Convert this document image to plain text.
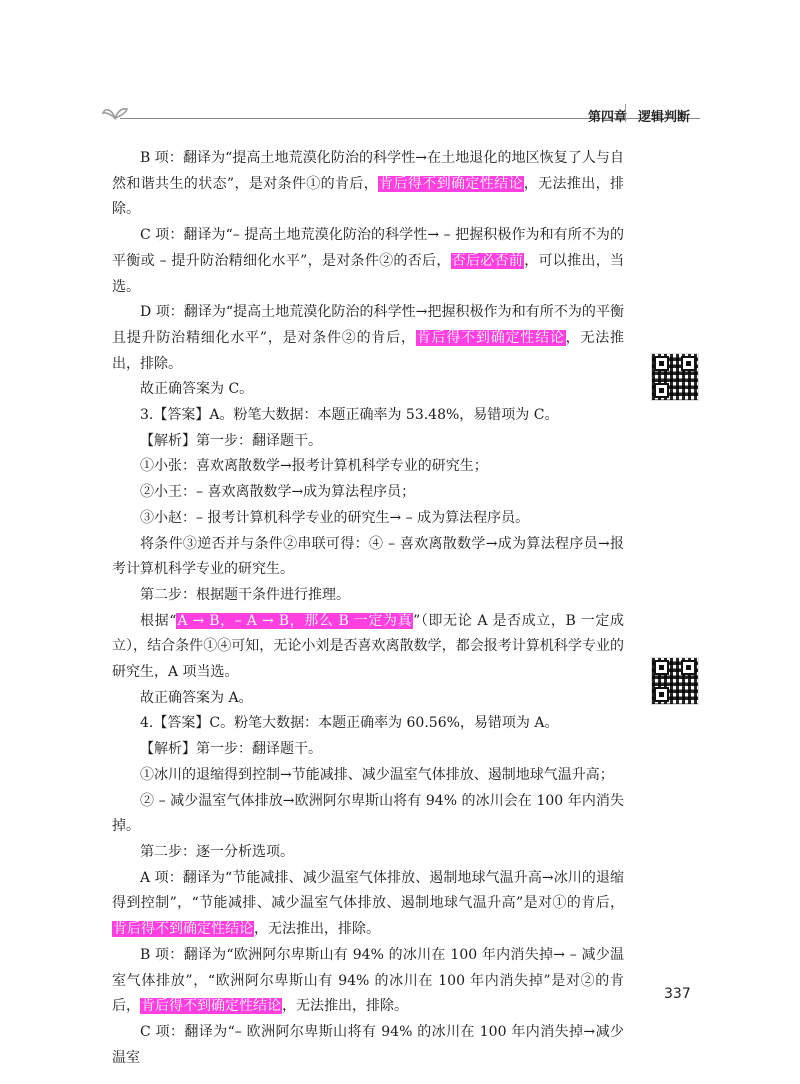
第四章 逻辑判断

B 项：翻译为“提高土地荒漠化防治的科学性→在土地退化的地区恢复了人与自然和谐共生的状态”，是对条件①的肯后，肯后得不到确定性结论，无法推出，排除。

C 项：翻译为“– 提高土地荒漠化防治的科学性→ – 把握积极作为和有所不为的平衡或 – 提升防治精细化水平”，是对条件②的否后，否后必否前，可以推出，当选。

D 项：翻译为“提高土地荒漠化防治的科学性→把握积极作为和有所不为的平衡且提升防治精细化水平”，是对条件②的肯后，肯后得不到确定性结论，无法推出，排除。

故正确答案为 C。

3.【答案】A。粉笔大数据：本题正确率为 53.48%，易错项为 C。

【解析】第一步：翻译题干。

①小张：喜欢离散数学→报考计算机科学专业的研究生；

②小王：– 喜欢离散数学→成为算法程序员；

③小赵：– 报考计算机科学专业的研究生→ – 成为算法程序员。

将条件③逆否并与条件②串联可得：④ – 喜欢离散数学→成为算法程序员→报考计算机科学专业的研究生。

第二步：根据题干条件进行推理。

根据“A → B，– A → B，那么 B 一定为真”（即无论 A 是否成立，B 一定成立），结合条件①④可知，无论小刘是否喜欢离散数学，都会报考计算机科学专业的研究生，A 项当选。

故正确答案为 A。

4.【答案】C。粉笔大数据：本题正确率为 60.56%，易错项为 A。

【解析】第一步：翻译题干。

①冰川的退缩得到控制→节能减排、减少温室气体排放、遏制地球气温升高；

② – 减少温室气体排放→欧洲阿尔卑斯山将有 94% 的冰川会在 100 年内消失掉。

第二步：逐一分析选项。

A 项：翻译为“节能减排、减少温室气体排放、遏制地球气温升高→冰川的退缩得到控制”，“节能减排、减少温室气体排放、遏制地球气温升高”是对①的肯后，肯后得不到确定性结论，无法推出，排除。

B 项：翻译为“欧洲阿尔卑斯山有 94% 的冰川在 100 年内消失掉→ – 减少温室气体排放”，“欧洲阿尔卑斯山有 94% 的冰川在 100 年内消失掉”是对②的肯后，肯后得不到确定性结论，无法推出，排除。

C 项：翻译为“– 欧洲阿尔卑斯山将有 94% 的冰川在 100 年内消失掉→减少温室

337
